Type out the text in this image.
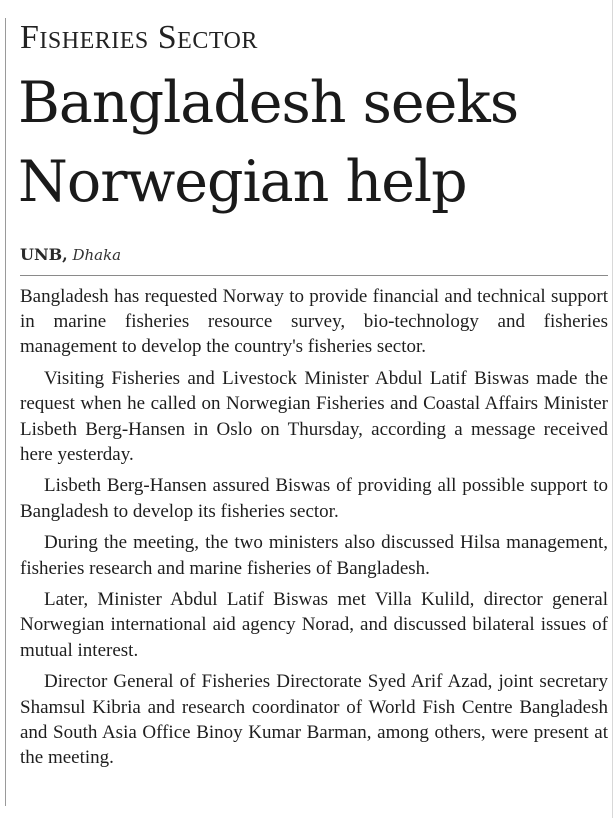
Fisheries Sector
Bangladesh seeks
Norwegian help
UNB, Dhaka

Bangladesh has requested Norway to provide financial and technical support in marine fisheries resource survey, bio-technology and fisheries management to develop the country's fisheries sector.

Visiting Fisheries and Livestock Minister Abdul Latif Biswas made the request when he called on Norwegian Fisheries and Coastal Affairs Minister Lisbeth Berg-Hansen in Oslo on Thursday, according a message received here yesterday.

Lisbeth Berg-Hansen assured Biswas of providing all possible support to Bangladesh to develop its fisheries sector.

During the meeting, the two ministers also discussed Hilsa management, fisheries research and marine fisheries of Bangladesh.

Later, Minister Abdul Latif Biswas met Villa Kulild, director general Norwegian international aid agency Norad, and discussed bilateral issues of mutual interest.

Director General of Fisheries Directorate Syed Arif Azad, joint secretary Shamsul Kibria and research coordinator of World Fish Centre Bangladesh and South Asia Office Binoy Kumar Barman, among others, were present at the meeting.
